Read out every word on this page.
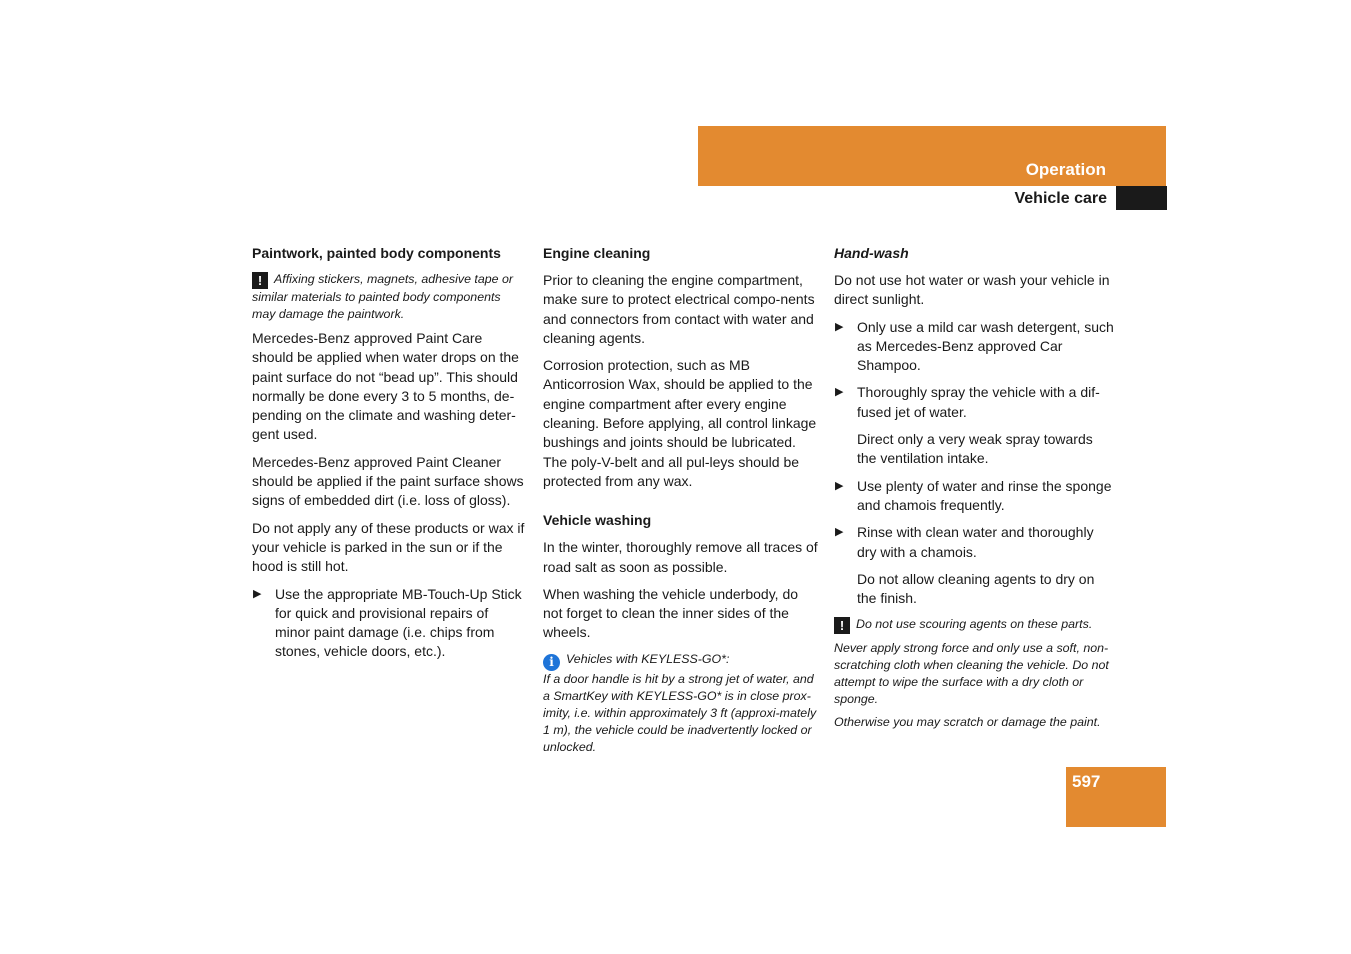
Operation
Vehicle care
Paintwork, painted body components
! Affixing stickers, magnets, adhesive tape or similar materials to painted body components may damage the paintwork.

Mercedes-Benz approved Paint Care should be applied when water drops on the paint surface do not “bead up”. This should normally be done every 3 to 5 months, de-pending on the climate and washing deter-gent used.

Mercedes-Benz approved Paint Cleaner should be applied if the paint surface shows signs of embedded dirt (i.e. loss of gloss).

Do not apply any of these products or wax if your vehicle is parked in the sun or if the hood is still hot.

▶ Use the appropriate MB-Touch-Up Stick for quick and provisional repairs of minor paint damage (i.e. chips from stones, vehicle doors, etc.).
Engine cleaning

Prior to cleaning the engine compartment, make sure to protect electrical compo-nents and connectors from contact with water and cleaning agents.

Corrosion protection, such as MB Anticorrosion Wax, should be applied to the engine compartment after every engine cleaning. Before applying, all control linkage bushings and joints should be lubricated. The poly-V-belt and all pul-leys should be protected from any wax.

Vehicle washing

In the winter, thoroughly remove all traces of road salt as soon as possible.

When washing the vehicle underbody, do not forget to clean the inner sides of the wheels.

i Vehicles with KEYLESS-GO*:
If a door handle is hit by a strong jet of water, and a SmartKey with KEYLESS-GO* is in close prox-imity, i.e. within approximately 3 ft (approxi-mately 1 m), the vehicle could be inadvertently locked or unlocked.
Hand-wash

Do not use hot water or wash your vehicle in direct sunlight.

▶ Only use a mild car wash detergent, such as Mercedes-Benz approved Car Shampoo.
▶ Thoroughly spray the vehicle with a dif-fused jet of water.
Direct only a very weak spray towards the ventilation intake.
▶ Use plenty of water and rinse the sponge and chamois frequently.
▶ Rinse with clean water and thoroughly dry with a chamois.
Do not allow cleaning agents to dry on the finish.
! Do not use scouring agents on these parts.
Never apply strong force and only use a soft, non-scratching cloth when cleaning the vehicle. Do not attempt to wipe the surface with a dry cloth or sponge.
Otherwise you may scratch or damage the paint.
597
